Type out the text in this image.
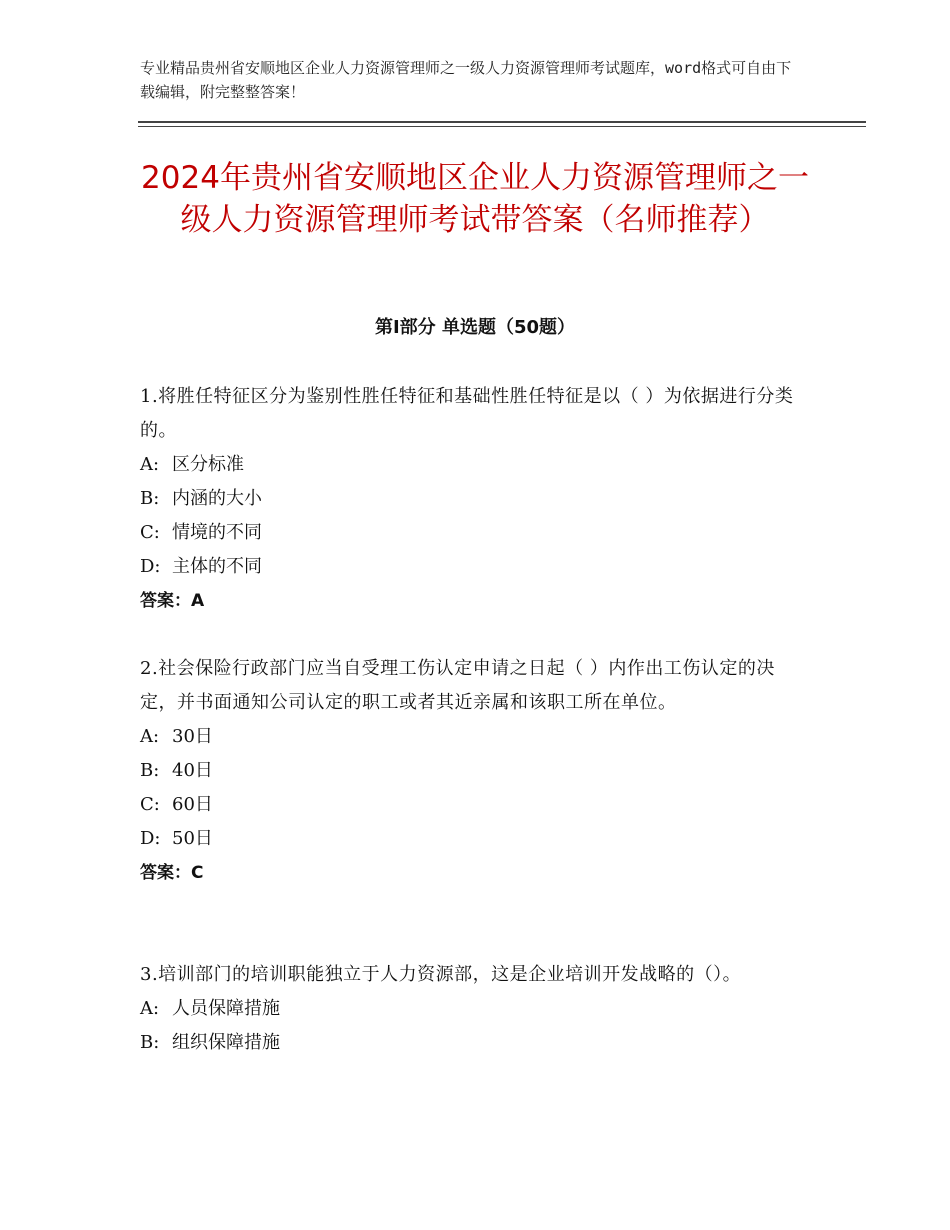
专业精品贵州省安顺地区企业人力资源管理师之一级人力资源管理师考试题库，word格式可自由下载编辑，附完整整答案！
2024年贵州省安顺地区企业人力资源管理师之一级人力资源管理师考试带答案（名师推荐）
第Ⅰ部分 单选题（50题）
1.将胜任特征区分为鉴别性胜任特征和基础性胜任特征是以（ ）为依据进行分类的。
A: 区分标准
B: 内涵的大小
C: 情境的不同
D: 主体的不同
答案：A
2.社会保险行政部门应当自受理工伤认定申请之日起（ ）内作出工伤认定的决定，并书面通知公司认定的职工或者其近亲属和该职工所在单位。
A: 30日
B: 40日
C: 60日
D: 50日
答案：C
3.培训部门的培训职能独立于人力资源部，这是企业培训开发战略的（）。
A: 人员保障措施
B: 组织保障措施
